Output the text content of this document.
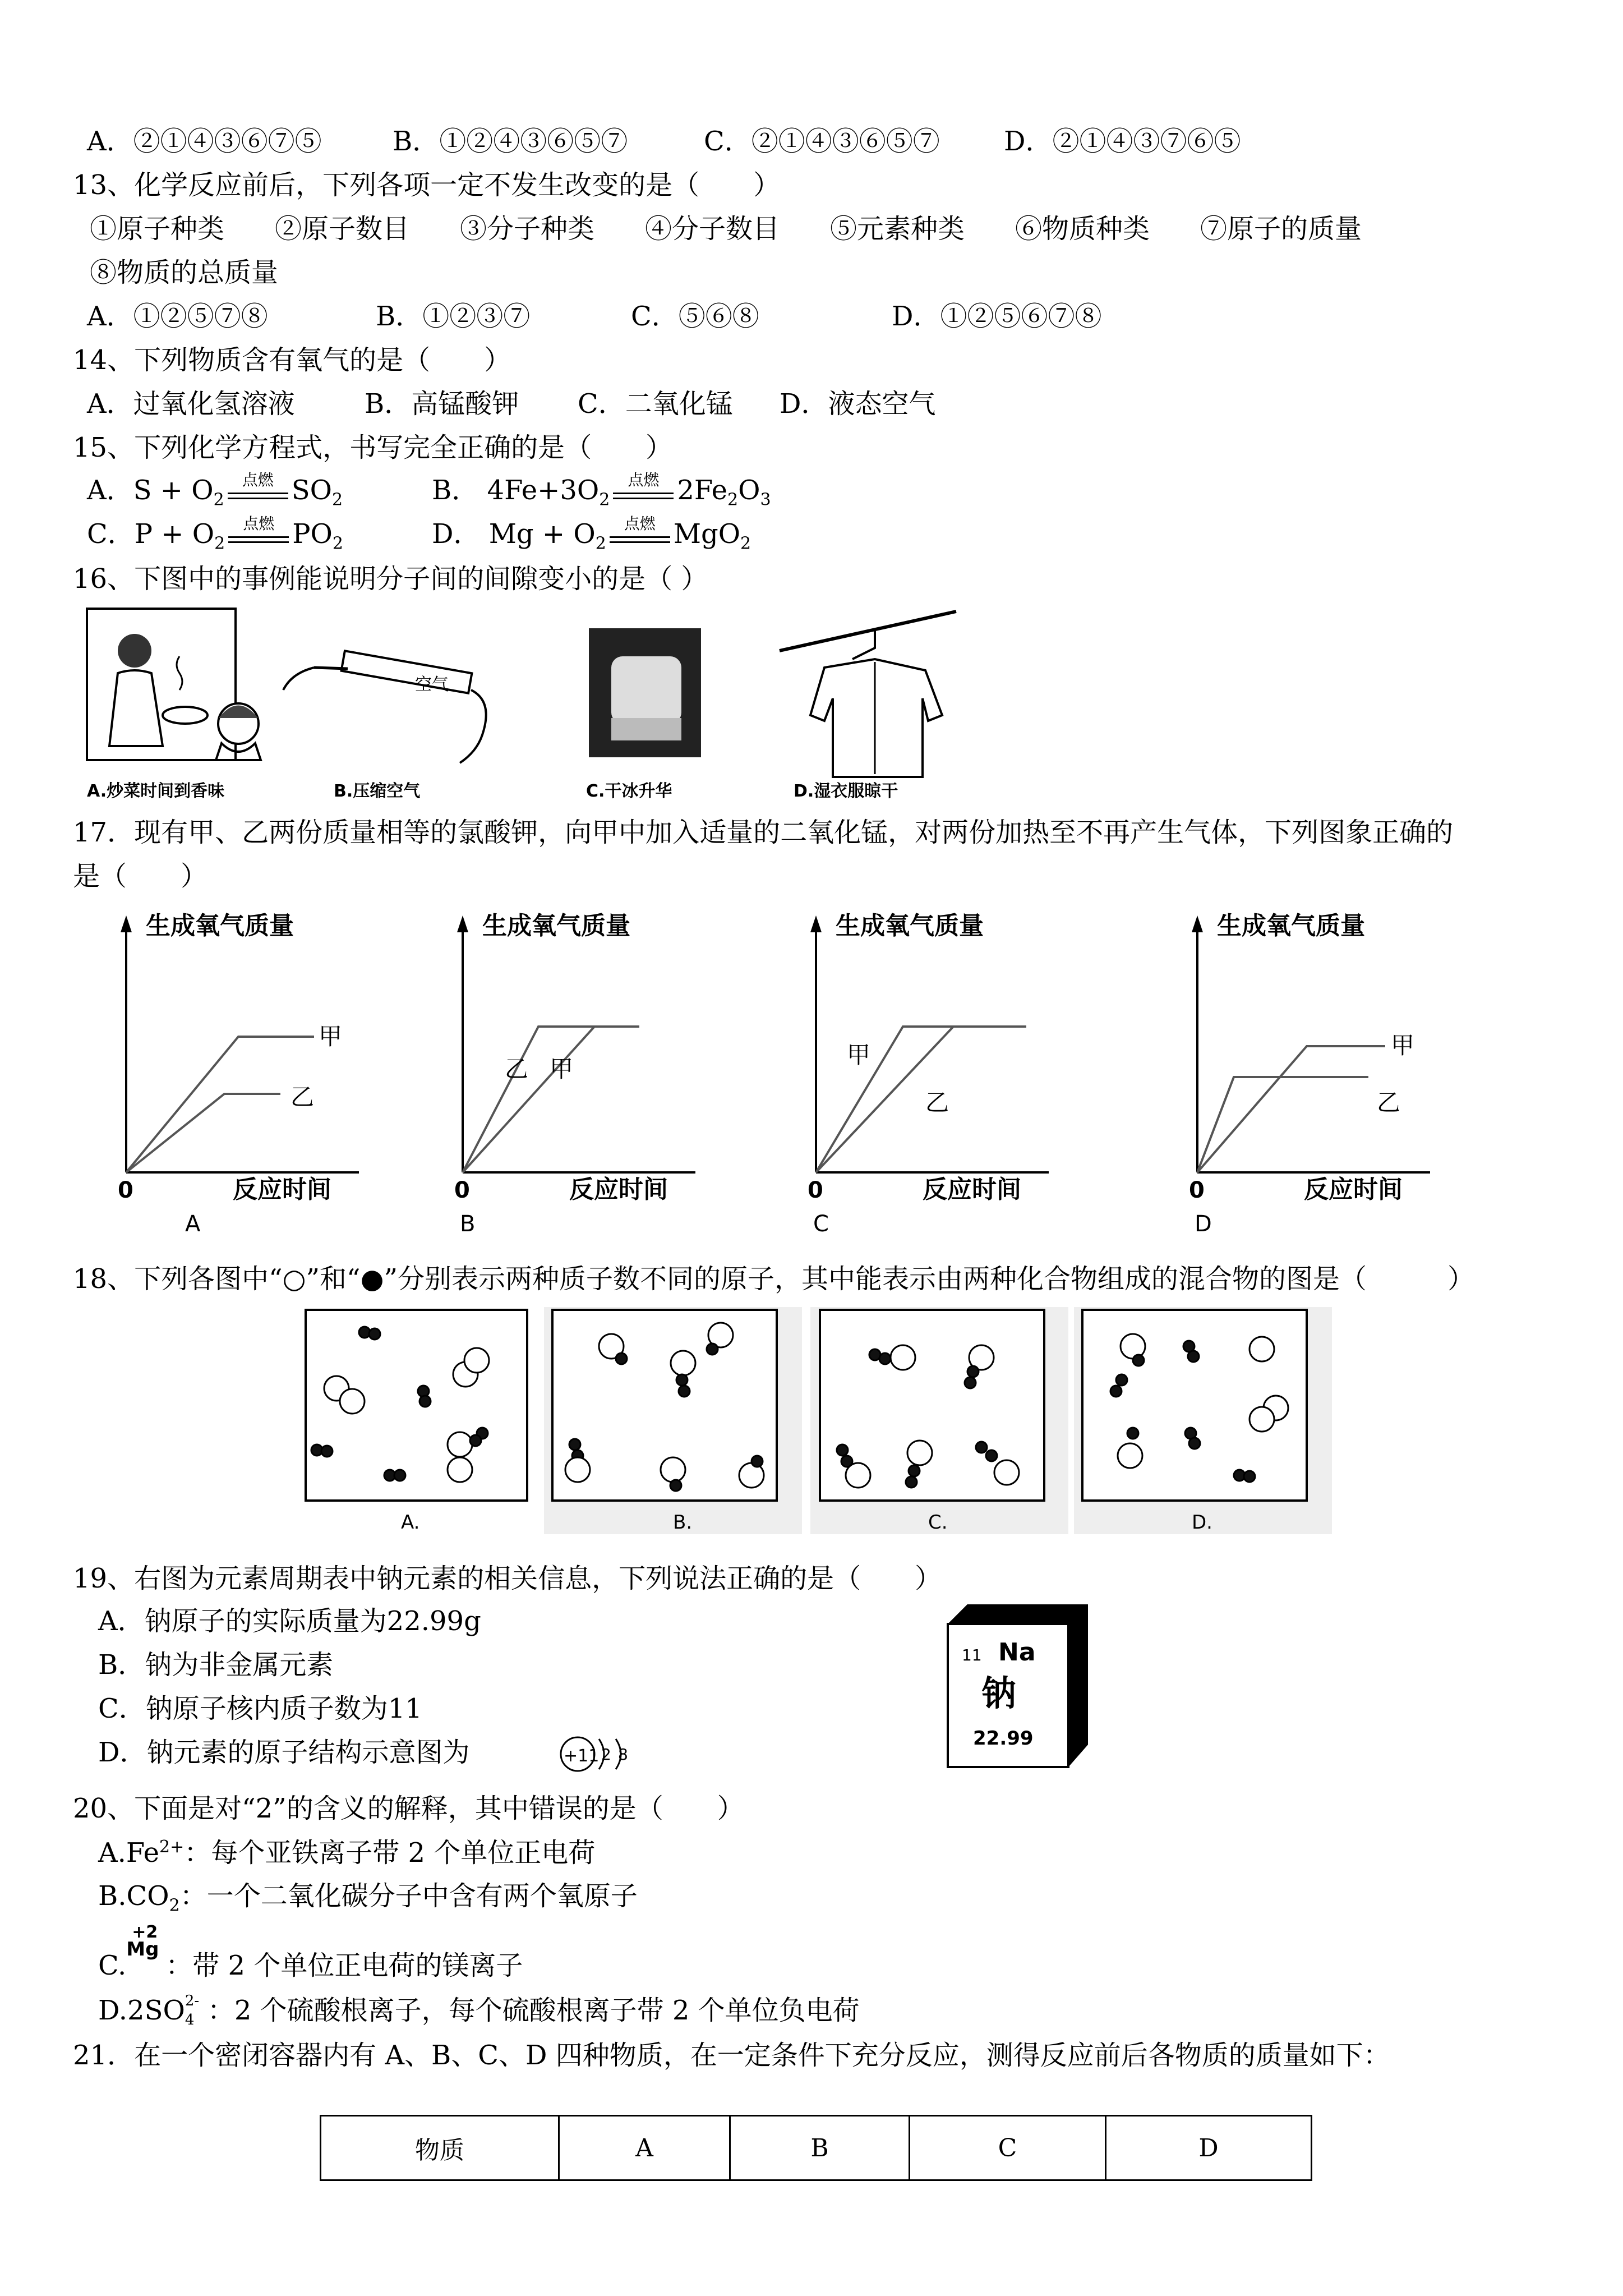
A．②①④③⑥⑦⑤	B．①②④③⑥⑤⑦	C．②①④③⑥⑤⑦ D．②①④③⑦⑥⑤
13、化学反应前后，下列各项一定不发生改变的是（　　）
①原子种类 ②原子数目 ③分子种类 ④分子数目 ⑤元素种类 ⑥物质种类 ⑦原子的质量
⑧物质的总质量
A．①②⑤⑦⑧	B．①②③⑦	C．⑤⑥⑧	D．①②⑤⑥⑦⑧
14、下列物质含有氧气的是（　　）
A．过氧化氢溶液	B．高锰酸钾 C．二氧化锰 D．液态空气
15、下列化学方程式，书写完全正确的是（　　）
A．$S + O_2$
点燃 $SO_2$	B． $4Fe+3O_2$
点燃 $2Fe_2O_3$
C．$P + O_2$
点燃 $PO_2$	D． $Mg + O_2$
点燃 MgO$_2$
16、下图中的事例能说明分子间的间隙变小的是（ ）
A.炒菜时间到香味
空气
B.压缩空气	C.干冰升华	D.湿衣服晾干
17．现有甲、乙两份质量相等的氯酸钾，向甲中加入适量的二氧化锰，对两份加热至不再产生气体，下列图象正确的
是（　　）
生成氧气质量
0	反应时间
甲
乙
A
生成氧气质量
0	反应时间
乙 甲
B
生成氧气质量
0	反应时间
甲
乙
C
生成氧气质量
0	反应时间
甲
乙
D
18、下列各图中“○”和“●”分别表示两种质子数不同的原子，其中能表示由两种化合物组成的混合物的图是（　　　）
A.	B.	C.	D.
19、右图为元素周期表中钠元素的相关信息，下列说法正确的是（　　）
A．钠原子的实际质量为22.99g
B．钠为非金属元素
C．钠原子核内质子数为11
D．钠元素的原子结构示意图为	+11 2 8
11 Na
钠
22.99
20、下面是对“2”的含义的解释，其中错误的是（　　）
$A.Fe^{2+}$：每个亚铁离子带 2 个单位正电荷
$B.CO_2$：一个二氧化碳分子中含有两个氧原子
C.
+2
Mg
：带 2 个单位正电荷的镁离子
D.2SO 2-
4 ：2 个硫酸根离子，每个硫酸根离子带 2 个单位负电荷
21．在一个密闭容器内有 A、B、C、D 四种物质，在一定条件下充分反应，测得反应前后各物质的质量如下：
物质	A	B	C	D
